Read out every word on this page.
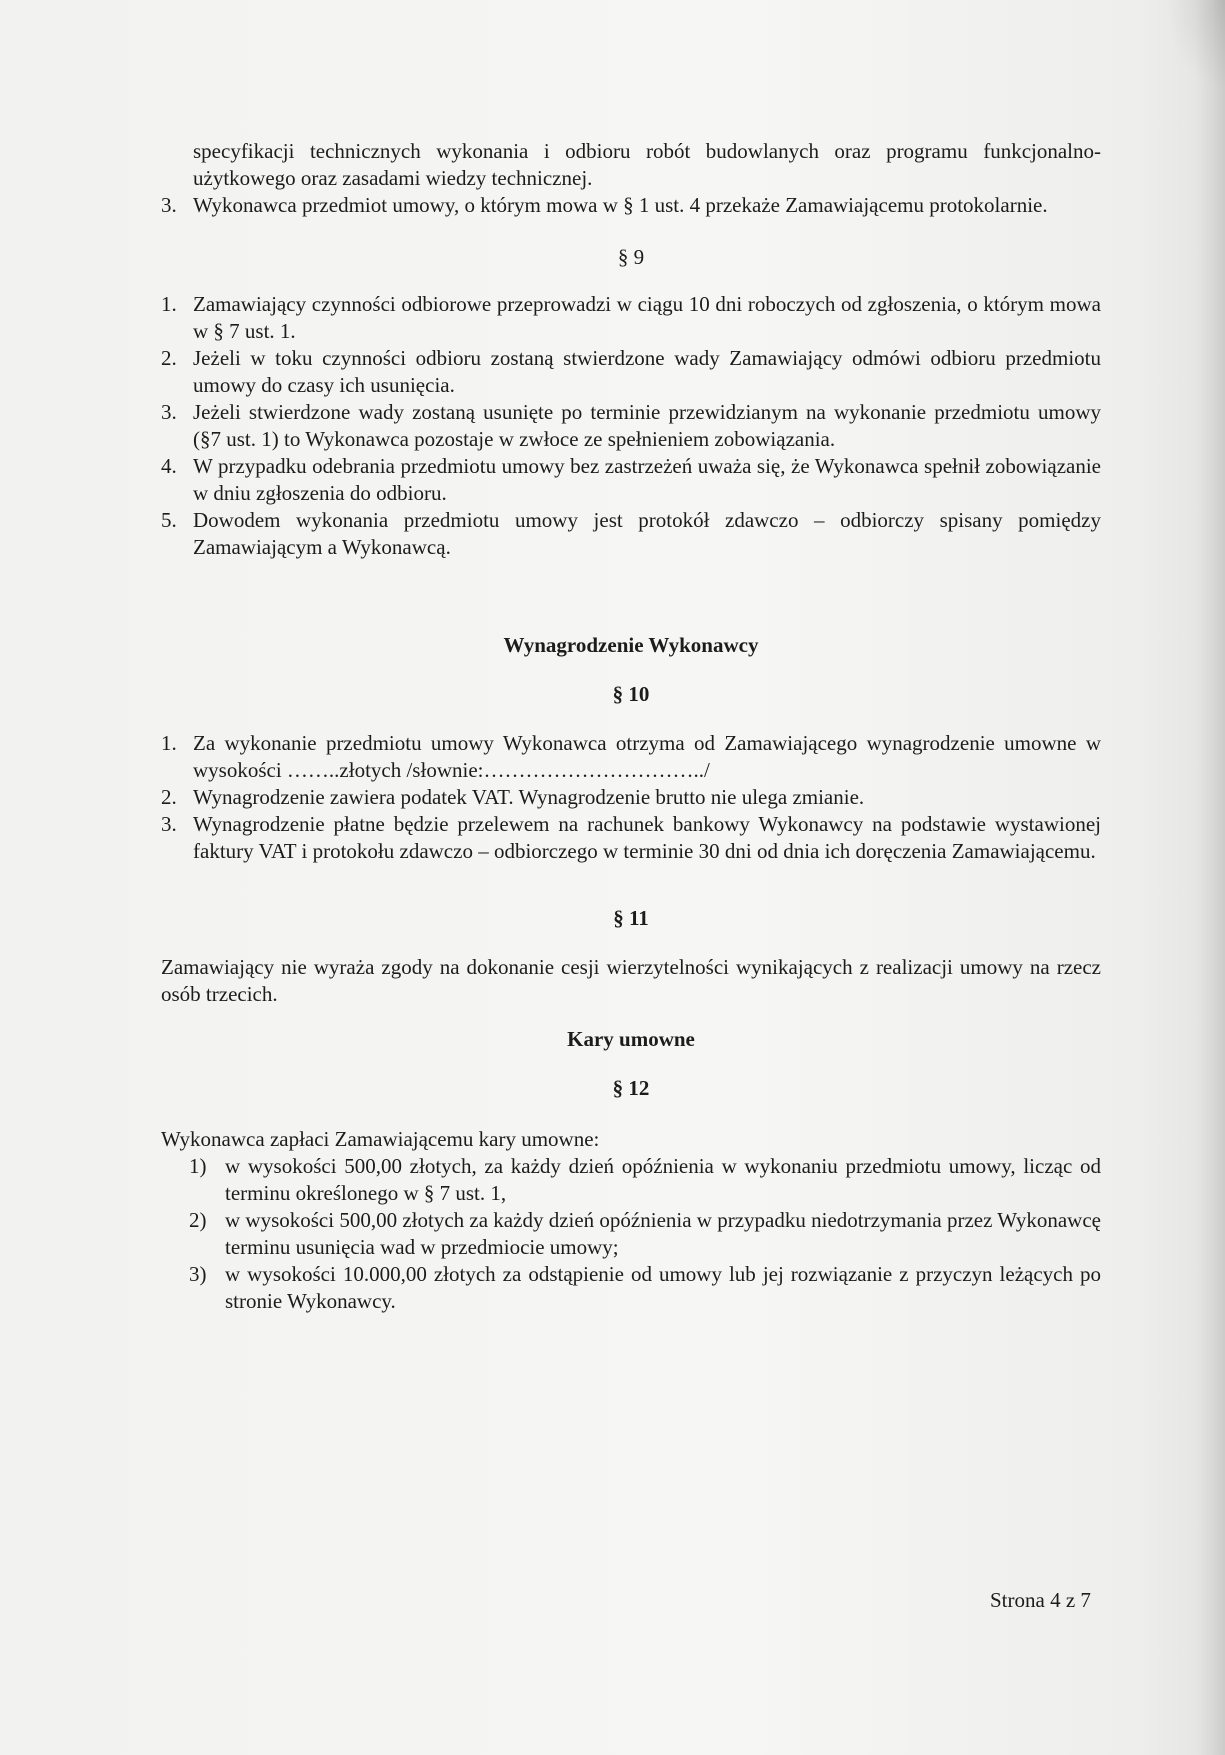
specyfikacji technicznych wykonania i odbioru robót budowlanych oraz programu funkcjonalno-użytkowego oraz zasadami wiedzy technicznej.
3. Wykonawca przedmiot umowy, o którym mowa w § 1 ust. 4 przekaże Zamawiającemu protokolarnie.
§ 9
1. Zamawiający czynności odbiorowe przeprowadzi w ciągu 10 dni roboczych od zgłoszenia, o którym mowa w § 7 ust. 1.
2. Jeżeli w toku czynności odbioru zostaną stwierdzone wady Zamawiający odmówi odbioru przedmiotu umowy do czasy ich usunięcia.
3. Jeżeli stwierdzone wady zostaną usunięte po terminie przewidzianym na wykonanie przedmiotu umowy (§7 ust. 1) to Wykonawca pozostaje w zwłoce ze spełnieniem zobowiązania.
4. W przypadku odebrania przedmiotu umowy bez zastrzeżeń uważa się, że Wykonawca spełnił zobowiązanie w dniu zgłoszenia do odbioru.
5. Dowodem wykonania przedmiotu umowy jest protokół zdawczo – odbiorczy spisany pomiędzy Zamawiającym a Wykonawcą.
Wynagrodzenie Wykonawcy
§ 10
1. Za wykonanie przedmiotu umowy Wykonawca otrzyma od Zamawiającego wynagrodzenie umowne w wysokości ……..złotych /słownie:…………………………../
2. Wynagrodzenie zawiera podatek VAT. Wynagrodzenie brutto nie ulega zmianie.
3. Wynagrodzenie płatne będzie przelewem na rachunek bankowy Wykonawcy na podstawie wystawionej faktury VAT i protokołu zdawczo – odbiorczego w terminie 30 dni od dnia ich doręczenia Zamawiającemu.
§ 11
Zamawiający nie wyraża zgody na dokonanie cesji wierzytelności wynikających z realizacji umowy na rzecz osób trzecich.
Kary umowne
§ 12
Wykonawca zapłaci Zamawiającemu kary umowne:
1) w wysokości 500,00 złotych, za każdy dzień opóźnienia w wykonaniu przedmiotu umowy, licząc od terminu określonego w § 7 ust. 1,
2) w wysokości 500,00 złotych za każdy dzień opóźnienia w przypadku niedotrzymania przez Wykonawcę terminu usunięcia wad w przedmiocie umowy;
3) w wysokości 10.000,00 złotych za odstąpienie od umowy lub jej rozwiązanie z przyczyn leżących po stronie Wykonawcy.
Strona 4 z 7
